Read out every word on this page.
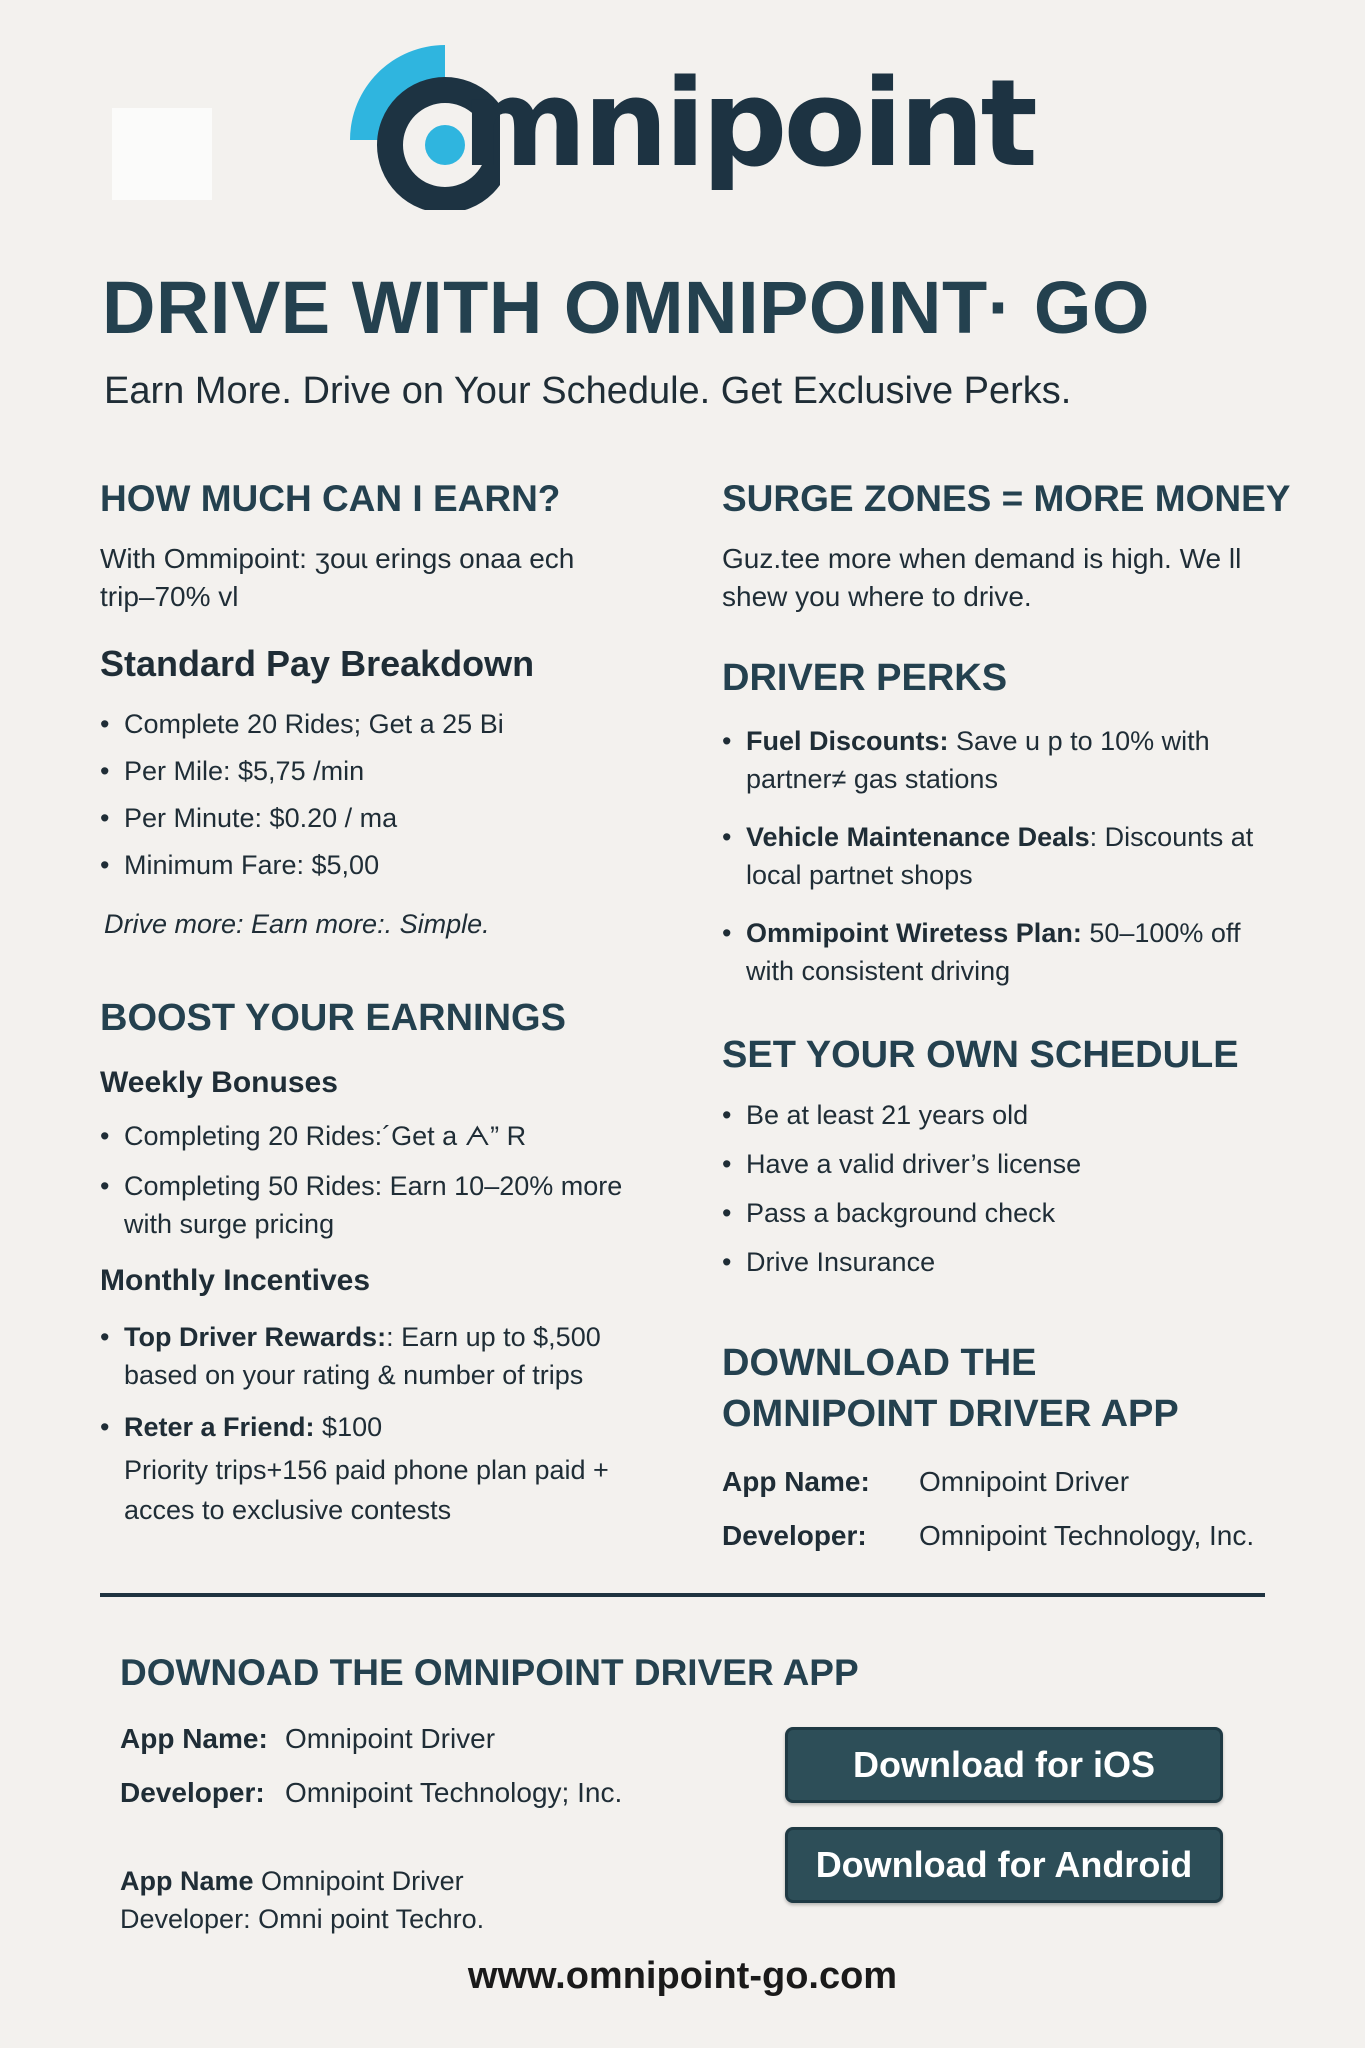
mnipoint
DRIVE WITH OMNIPOINT· GO
Earn More. Drive on Your Schedule. Get Exclusive Perks.
HOW MUCH CAN I EARN?
With Ommipoint: ʒouɩ erings onaa ech trip–70% vl
Standard Pay Breakdown
• Complete 20 Rides; Get a 25 Bi
• Per Mile: $5,75 /min
• Per Minute: $0.20 / ma
• Minimum Fare: $5,00
Drive more: Earn more:. Simple.
BOOST YOUR EARNINGS
Weekly Bonuses
• Completing 20 Rides:´Get a ᗅ” R
• Completing 50 Rides: Earn 10–20% more with surge pricing
Monthly Incentives
• Top Driver Rewards:: Earn up to $,500 based on your rating & number of trips
• Reter a Friend: $100
Priority trips+156 paid phone plan paid + acces to exclusive contests
SURGE ZONES = MORE MONEY
Guz.tee more when demand is high. We ll shew you where to drive.
DRIVER PERKS
• Fuel Discounts: Save u p to 10% with partner≠ gas stations
• Vehicle Maintenance Deals: Discounts at local partnet shops
• Ommipoint Wiretess Plan: 50–100% off with consistent driving
SET YOUR OWN SCHEDULE
• Be at least 21 years old
• Have a valid driver’s license
• Pass a background check
• Drive Insurance
DOWNLOAD THE
OMNIPOINT DRIVER APP
App Name:	Omnipoint Driver
Developer:	Omnipoint Technology, Inc.
DOWNOAD THE OMNIPOINT DRIVER APP
App Name: Omnipoint Driver
Developer: Omnipoint Technology; Inc.
App Name Omnipoint Driver
Developer: Omni point Techro.
Download for iOS
Download for Android
www.omnipoint-go.com
